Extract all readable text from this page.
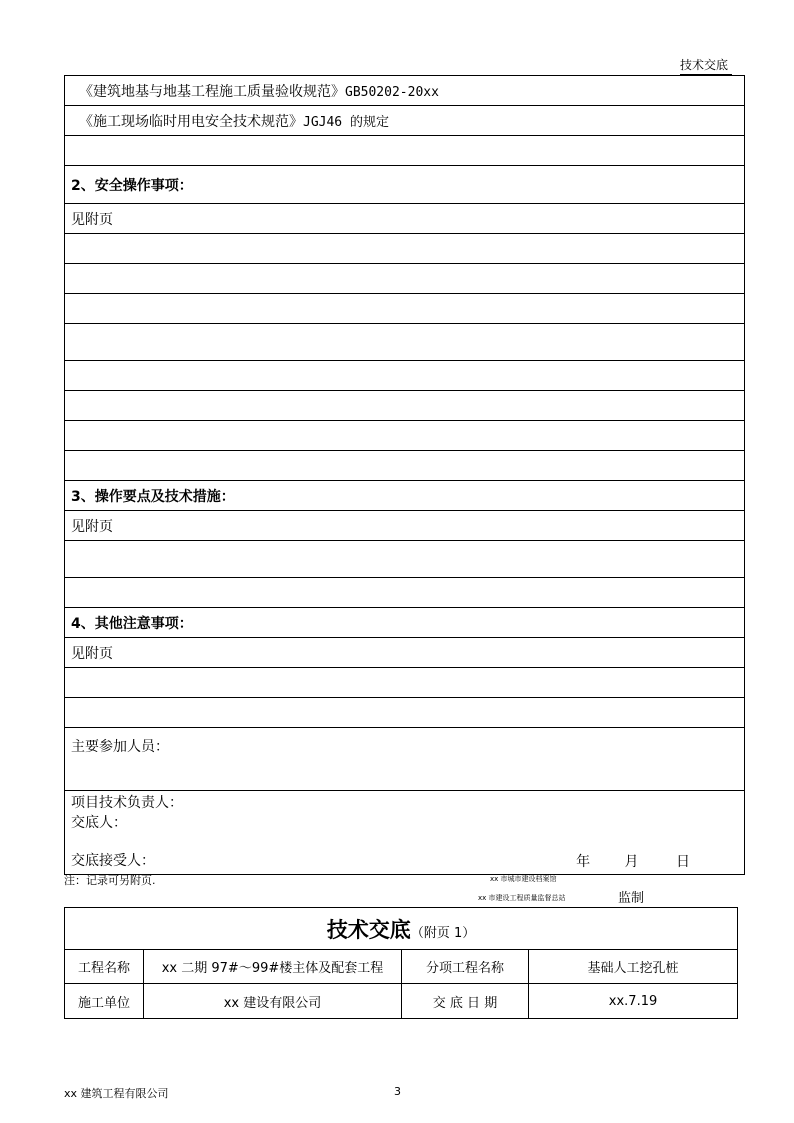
技术交底
《建筑地基与地基工程施工质量验收规范》GB50202-20xx
《施工现场临时用电安全技术规范》JGJ46 的规定

2、安全操作事项：
见附页

3、操作要点及技术措施：
见附页

4、其他注意事项：
见附页

主要参加人员：

项目技术负责人：
交底人：
交底接受人：	年 月	日
注：记录可另附页.	xx 市城市建设档案馆
xx 市建设工程质量监督总站	监制
技术交底（附页 1）			
工程名称	xx 二期 97#～99#楼主体及配套工程	分项工程名称	基础人工挖孔桩
施工单位	xx 建设有限公司	交 底 日 期	xx.7.19
xx 建筑工程有限公司	3
